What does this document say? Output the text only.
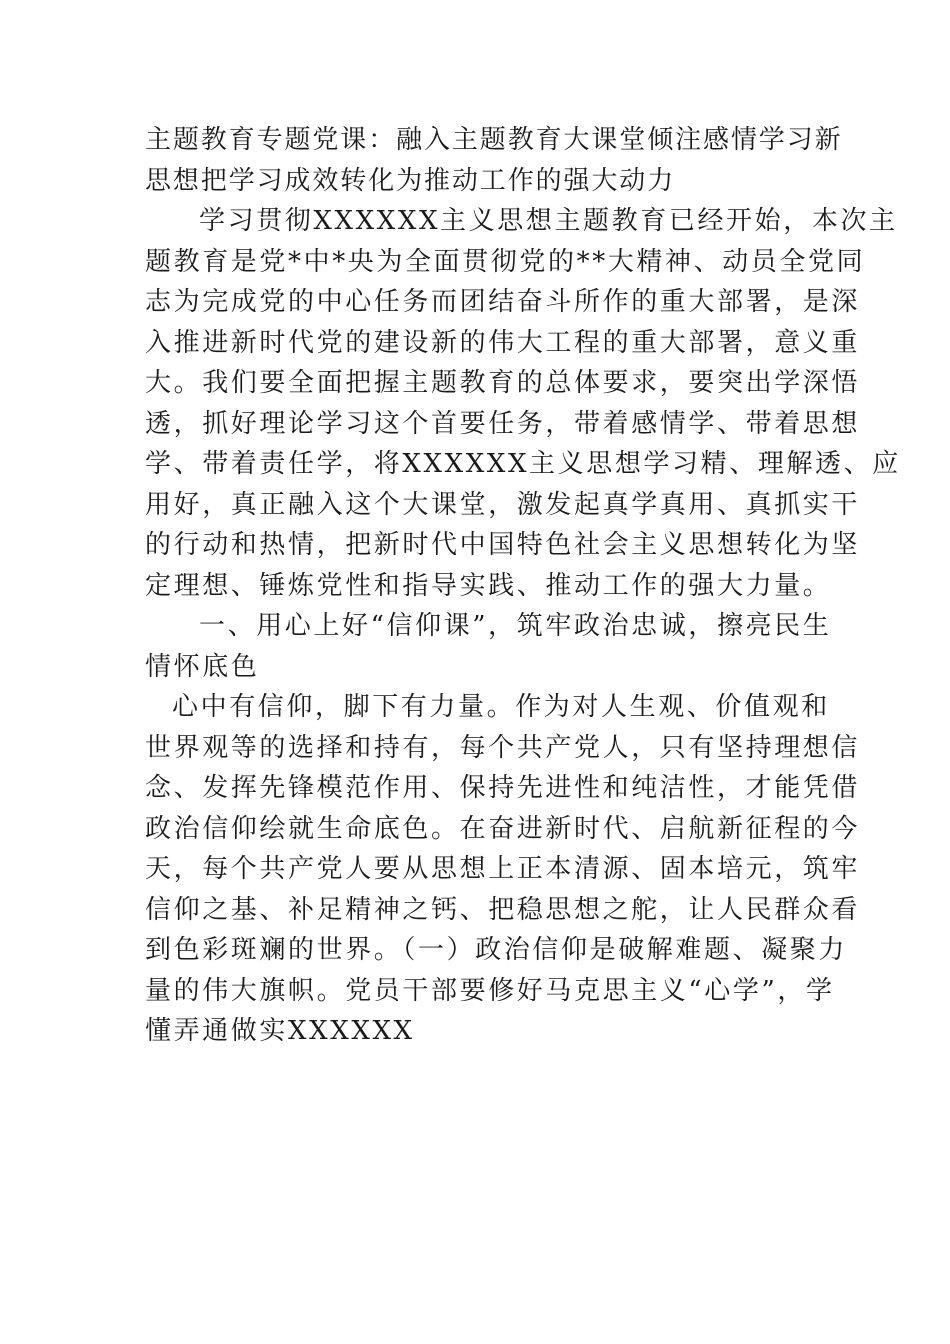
主题教育专题党课：融入主题教育大课堂倾注感情学习新
思想把学习成效转化为推动工作的强大动力
学习贯彻XXXXXX主义思想主题教育已经开始，本次主
题教育是党*中*央为全面贯彻党的**大精神、动员全党同
志为完成党的中心任务而团结奋斗所作的重大部署，是深
入推进新时代党的建设新的伟大工程的重大部署，意义重
大。我们要全面把握主题教育的总体要求，要突出学深悟
透，抓好理论学习这个首要任务，带着感情学、带着思想
学、带着责任学，将XXXXXX主义思想学习精、理解透、应
用好，真正融入这个大课堂，激发起真学真用、真抓实干
的行动和热情，把新时代中国特色社会主义思想转化为坚
定理想、锤炼党性和指导实践、推动工作的强大力量。
一、用心上好“信仰课”，筑牢政治忠诚，擦亮民生
情怀底色
心中有信仰，脚下有力量。作为对人生观、价值观和
世界观等的选择和持有，每个共产党人，只有坚持理想信
念、发挥先锋模范作用、保持先进性和纯洁性，才能凭借
政治信仰绘就生命底色。在奋进新时代、启航新征程的今
天，每个共产党人要从思想上正本清源、固本培元，筑牢
信仰之基、补足精神之钙、把稳思想之舵，让人民群众看
到色彩斑斓的世界。（一）政治信仰是破解难题、凝聚力
量的伟大旗帜。党员干部要修好马克思主义“心学”，学
懂弄通做实XXXXXX
